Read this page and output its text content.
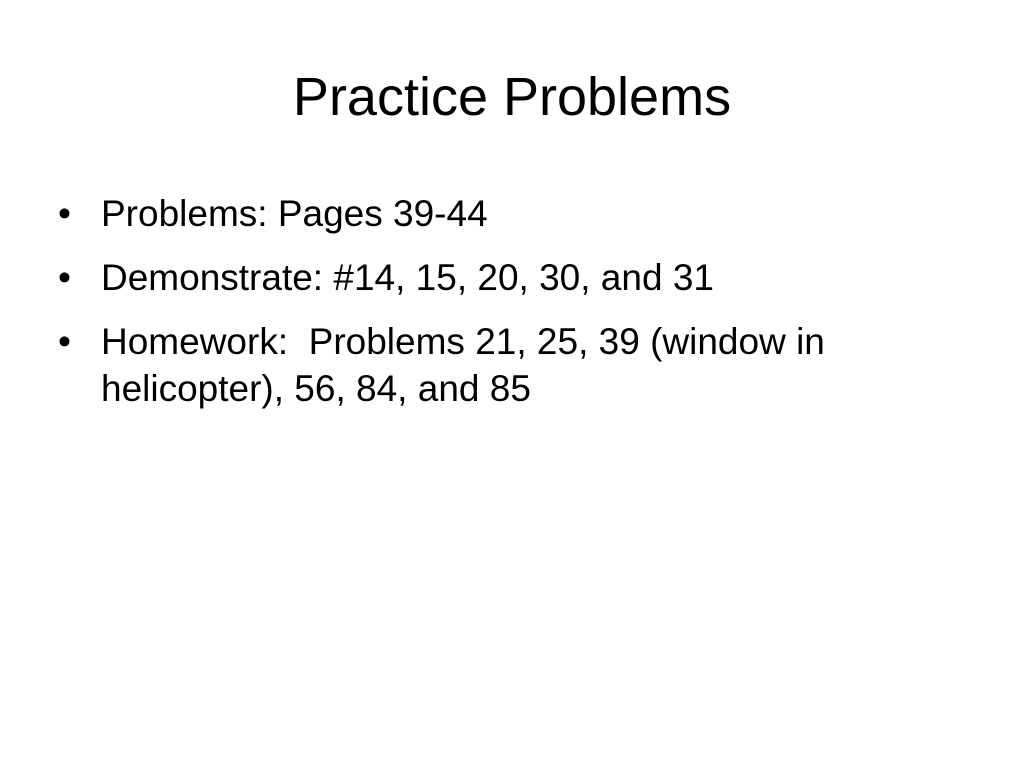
Practice Problems
• Problems: Pages 39-44
• Demonstrate: #14, 15, 20, 30, and 31
• Homework:  Problems 21, 25, 39 (window in helicopter), 56, 84, and 85
